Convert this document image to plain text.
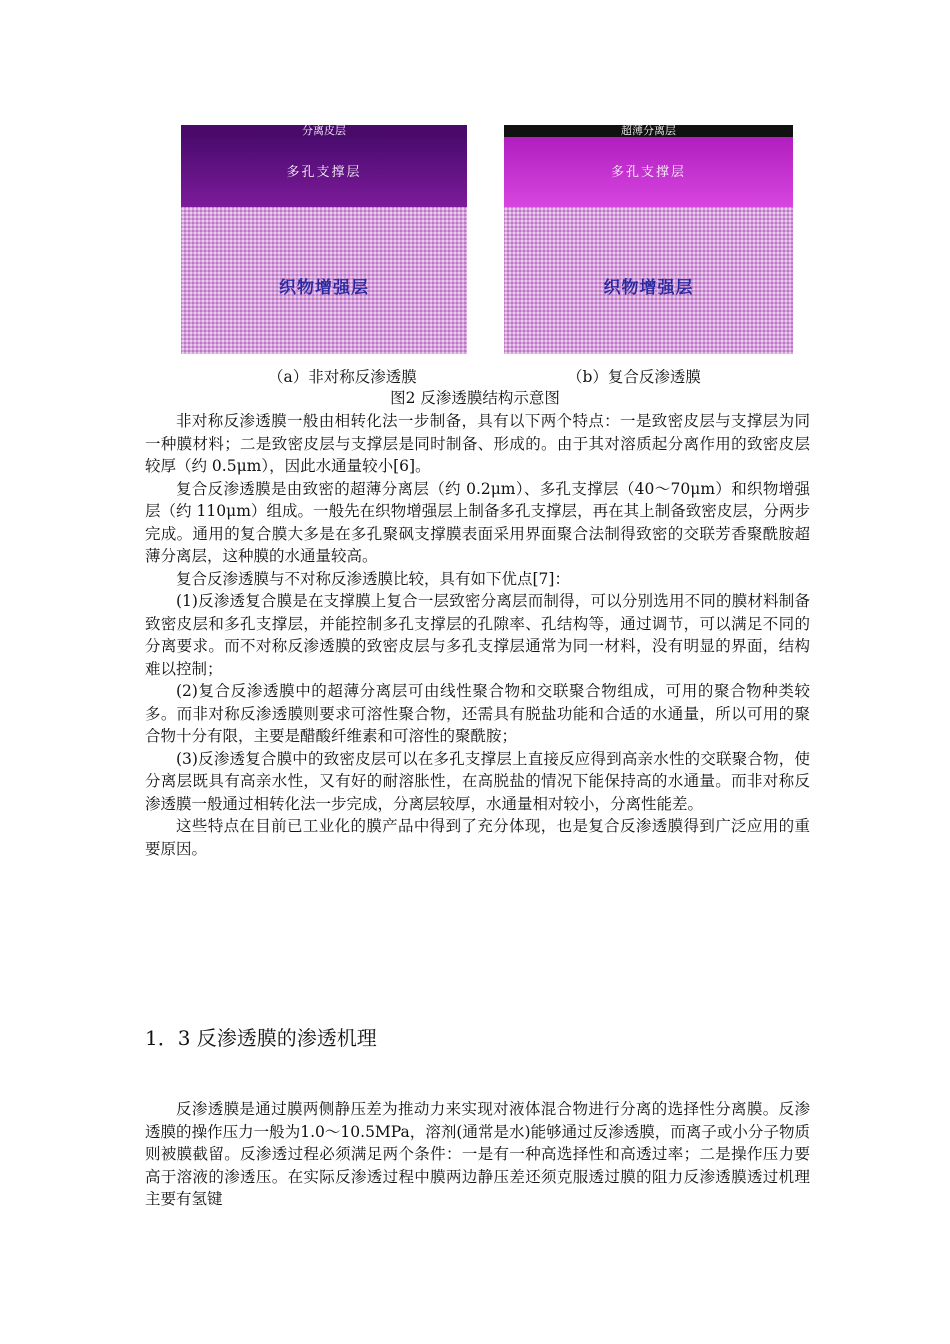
分离皮层
多孔支撑层
织物增强层
超薄分离层
多孔支撑层
织物增强层
（a）非对称反渗透膜	（b）复合反渗透膜
图2 反渗透膜结构示意图

非对称反渗透膜一般由相转化法一步制备，具有以下两个特点：一是致密皮层与支撑层为同一种膜材料；二是致密皮层与支撑层是同时制备、形成的。由于其对溶质起分离作用的致密皮层较厚（约 0.5μm），因此水通量较小[6]。

复合反渗透膜是由致密的超薄分离层（约 0.2μm）、多孔支撑层（40～70μm）和织物增强层（约 110μm）组成。一般先在织物增强层上制备多孔支撑层，再在其上制备致密皮层，分两步完成。通用的复合膜大多是在多孔聚砜支撑膜表面采用界面聚合法制得致密的交联芳香聚酰胺超薄分离层，这种膜的水通量较高。

复合反渗透膜与不对称反渗透膜比较，具有如下优点[7]：

(1)反渗透复合膜是在支撑膜上复合一层致密分离层而制得，可以分别选用不同的膜材料制备致密皮层和多孔支撑层，并能控制多孔支撑层的孔隙率、孔结构等，通过调节，可以满足不同的分离要求。而不对称反渗透膜的致密皮层与多孔支撑层通常为同一材料，没有明显的界面，结构难以控制；

(2)复合反渗透膜中的超薄分离层可由线性聚合物和交联聚合物组成，可用的聚合物种类较多。而非对称反渗透膜则要求可溶性聚合物，还需具有脱盐功能和合适的水通量，所以可用的聚合物十分有限，主要是醋酸纤维素和可溶性的聚酰胺；

(3)反渗透复合膜中的致密皮层可以在多孔支撑层上直接反应得到高亲水性的交联聚合物，使分离层既具有高亲水性，又有好的耐溶胀性，在高脱盐的情况下能保持高的水通量。而非对称反渗透膜一般通过相转化法一步完成，分离层较厚，水通量相对较小，分离性能差。

这些特点在目前已工业化的膜产品中得到了充分体现，也是复合反渗透膜得到广泛应用的重要原因。

1．3 反渗透膜的渗透机理

反渗透膜是通过膜两侧静压差为推动力来实现对液体混合物进行分离的选择性分离膜。反渗透膜的操作压力一般为1.0～10.5MPa，溶剂(通常是水)能够通过反渗透膜，而离子或小分子物质则被膜截留。反渗透过程必须满足两个条件：一是有一种高选择性和高透过率；二是操作压力要高于溶液的渗透压。在实际反渗透过程中膜两边静压差还须克服透过膜的阻力反渗透膜透过机理主要有氢键
